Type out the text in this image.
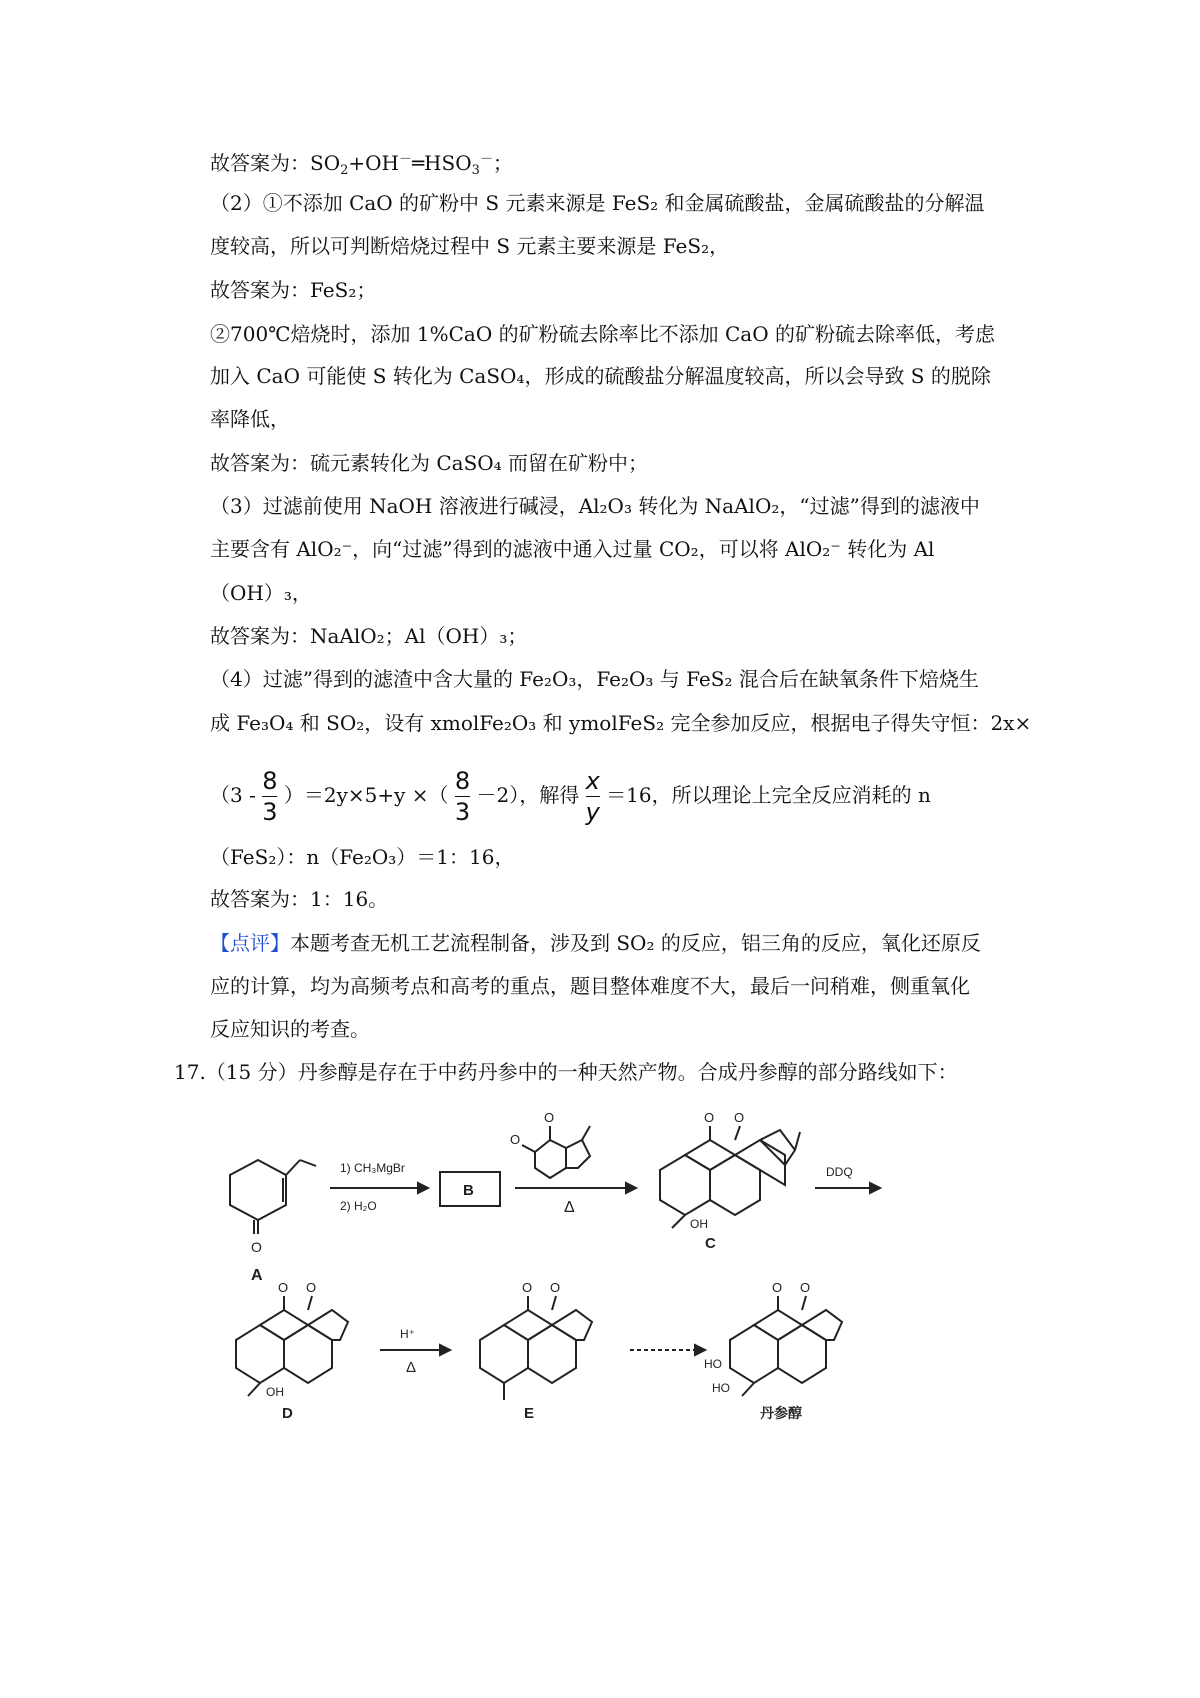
故答案为：$SO_2+OH^-═HSO_3^-$；
（2）①不添加 CaO 的矿粉中 S 元素来源是 FeS₂ 和金属硫酸盐，金属硫酸盐的分解温
度较高，所以可判断焙烧过程中 S 元素主要来源是 FeS₂，
故答案为：FeS₂；
②700℃焙烧时，添加 1%CaO 的矿粉硫去除率比不添加 CaO 的矿粉硫去除率低，考虑
加入 CaO 可能使 S 转化为 CaSO₄，形成的硫酸盐分解温度较高，所以会导致 S 的脱除
率降低，
故答案为：硫元素转化为 CaSO₄ 而留在矿粉中；
（3）过滤前使用 NaOH 溶液进行碱浸，Al₂O₃ 转化为 NaAlO₂，“过滤”得到的滤液中
主要含有 AlO₂⁻，向“过滤”得到的滤液中通入过量 CO₂，可以将 AlO₂⁻ 转化为 Al
（OH）₃，
故答案为：NaAlO₂；Al（OH）₃；
（4）过滤”得到的滤渣中含大量的 Fe₂O₃，Fe₂O₃ 与 FeS₂ 混合后在缺氧条件下焙烧生
成 Fe₃O₄ 和 SO₂，设有 xmolFe₂O₃ 和 ymolFeS₂ 完全参加反应，根据电子得失守恒：2x×
$(3 - \frac{8}{3} )=2y\times 5+y$ ×（ $\frac{8}{3} -2$），解得 $\frac{x}{y} =16$，所以理论上完全反应消耗的 n
（FeS₂）：n（Fe₂O₃）＝1：16，
故答案为：1：16。
【点评】本题考查无机工艺流程制备，涉及到 SO₂ 的反应，铝三角的反应，氧化还原反
应的计算，均为高频考点和高考的重点，题目整体难度不大，最后一问稍难，侧重氧化
反应知识的考查。
17.（15 分）丹参醇是存在于中药丹参中的一种天然产物。合成丹参醇的部分路线如下：
O
A
1) CH₃MgBr
2) H₂O
B
Δ
O
O
O O
OH
C
DDQ
O O
OH
D
H⁺
Δ
O O
E
O O
HO
HO
丹参醇
